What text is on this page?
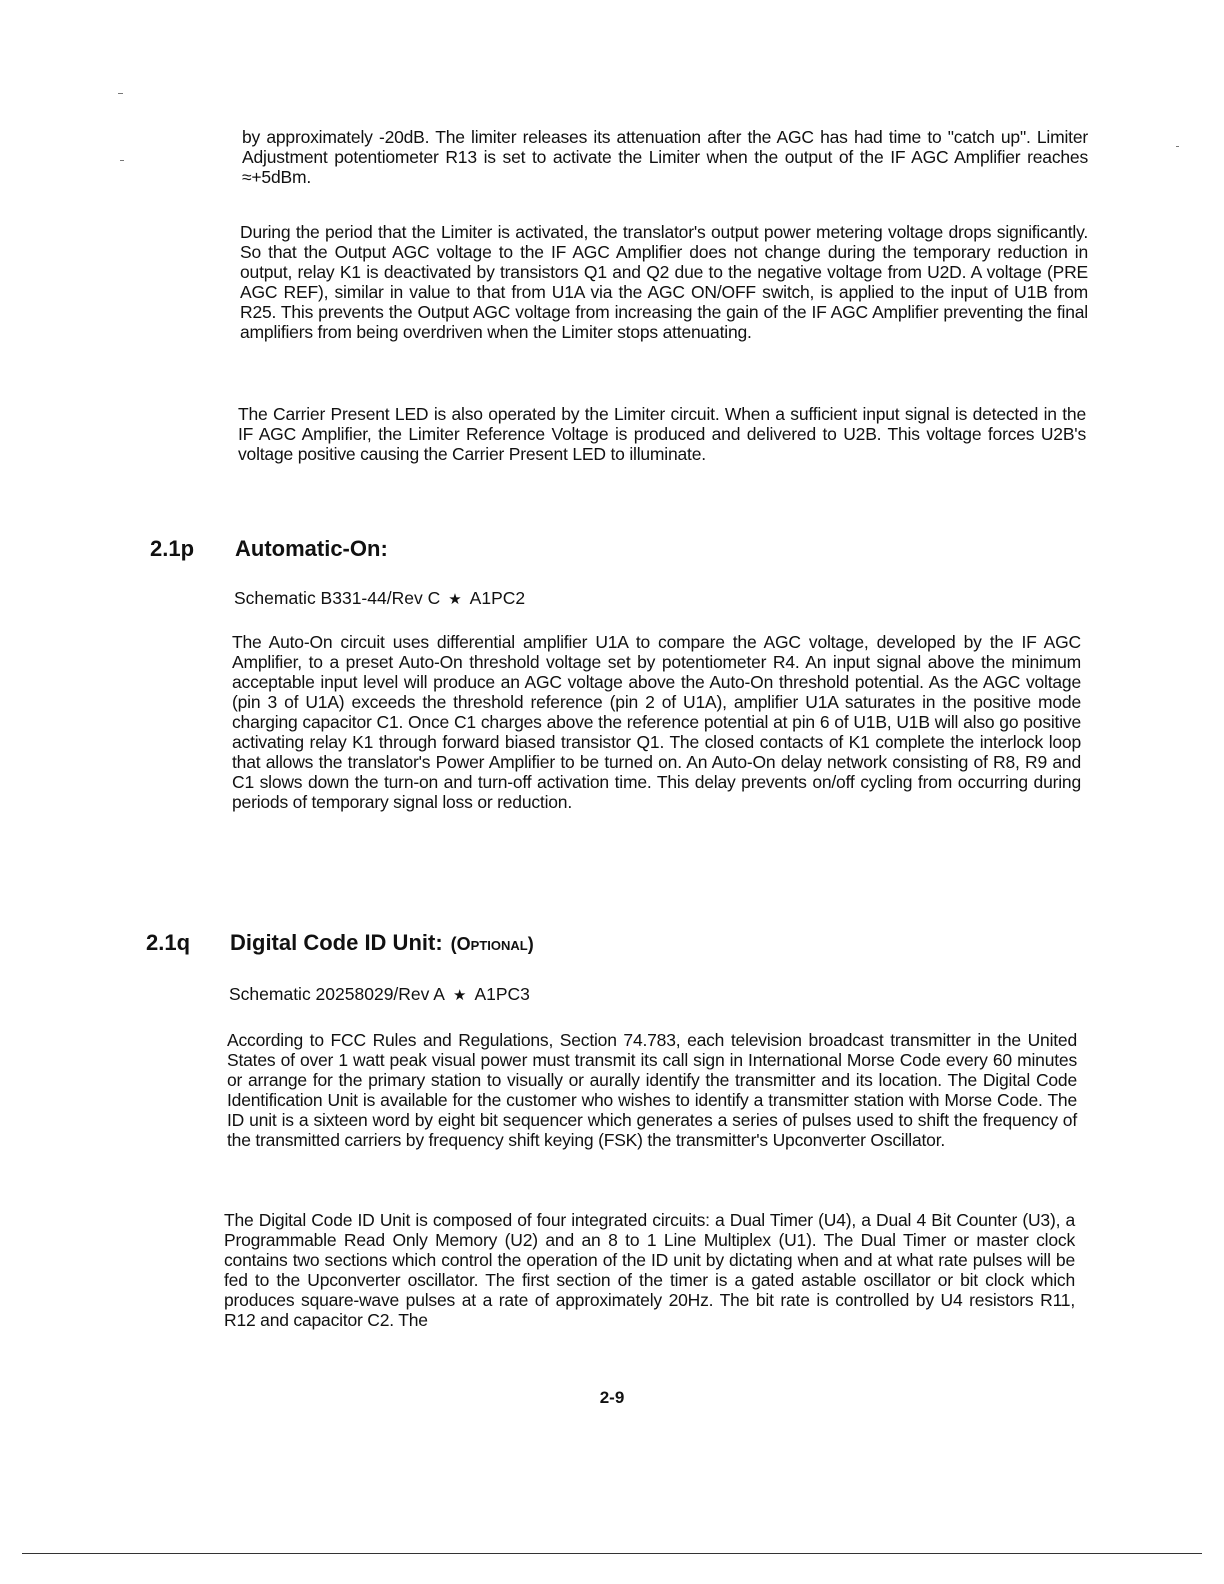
by approximately -20dB. The limiter releases its attenuation after the AGC has had time to "catch up". Limiter Adjustment potentiometer R13 is set to activate the Limiter when the output of the IF AGC Amplifier reaches ≈+5dBm.

During the period that the Limiter is activated, the translator's output power metering voltage drops significantly. So that the Output AGC voltage to the IF AGC Amplifier does not change during the temporary reduction in output, relay K1 is deactivated by transistors Q1 and Q2 due to the negative voltage from U2D. A voltage (PRE AGC REF), similar in value to that from U1A via the AGC ON/OFF switch, is applied to the input of U1B from R25. This prevents the Output AGC voltage from increasing the gain of the IF AGC Amplifier preventing the final amplifiers from being overdriven when the Limiter stops attenuating.

The Carrier Present LED is also operated by the Limiter circuit. When a sufficient input signal is detected in the IF AGC Amplifier, the Limiter Reference Voltage is produced and delivered to U2B. This voltage forces U2B's voltage positive causing the Carrier Present LED to illuminate.

2.1p Automatic-On:

Schematic B331-44/Rev C ★ A1PC2

The Auto-On circuit uses differential amplifier U1A to compare the AGC voltage, developed by the IF AGC Amplifier, to a preset Auto-On threshold voltage set by potentiometer R4. An input signal above the minimum acceptable input level will produce an AGC voltage above the Auto-On threshold potential. As the AGC voltage (pin 3 of U1A) exceeds the threshold reference (pin 2 of U1A), amplifier U1A saturates in the positive mode charging capacitor C1. Once C1 charges above the reference potential at pin 6 of U1B, U1B will also go positive activating relay K1 through forward biased transistor Q1. The closed contacts of K1 complete the interlock loop that allows the translator's Power Amplifier to be turned on. An Auto-On delay network consisting of R8, R9 and C1 slows down the turn-on and turn-off activation time. This delay prevents on/off cycling from occurring during periods of temporary signal loss or reduction.

2.1q Digital Code ID Unit: (Optional)

Schematic 20258029/Rev A ★ A1PC3

According to FCC Rules and Regulations, Section 74.783, each television broadcast transmitter in the United States of over 1 watt peak visual power must transmit its call sign in International Morse Code every 60 minutes or arrange for the primary station to visually or aurally identify the transmitter and its location. The Digital Code Identification Unit is available for the customer who wishes to identify a transmitter station with Morse Code. The ID unit is a sixteen word by eight bit sequencer which generates a series of pulses used to shift the frequency of the transmitted carriers by frequency shift keying (FSK) the transmitter's Upconverter Oscillator.

The Digital Code ID Unit is composed of four integrated circuits: a Dual Timer (U4), a Dual 4 Bit Counter (U3), a Programmable Read Only Memory (U2) and an 8 to 1 Line Multiplex (U1). The Dual Timer or master clock contains two sections which control the operation of the ID unit by dictating when and at what rate pulses will be fed to the Upconverter oscillator. The first section of the timer is a gated astable oscillator or bit clock which produces square-wave pulses at a rate of approximately 20Hz. The bit rate is controlled by U4 resistors R11, R12 and capacitor C2. The

2-9
